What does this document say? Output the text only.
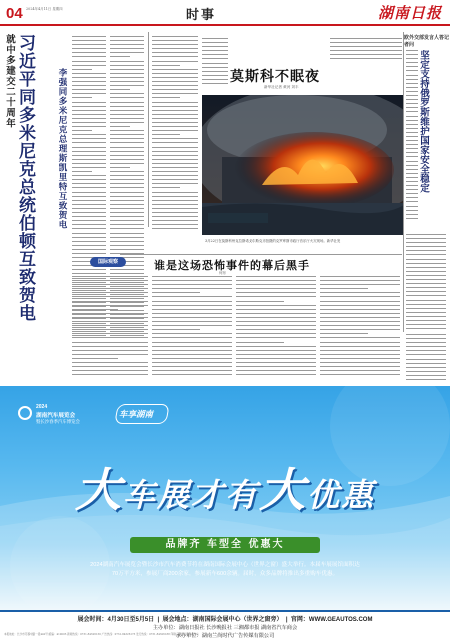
04 2024年4月11日 星期四	时事	湖南日报
就中多建交二十周年 习近平同多米尼克总统伯顿互致贺电	李强同多米尼克总理斯凯里特互致贺电	莫斯科不眠夜
新华社记者 黄河 刘丰
3月22日在莫斯科州克拉斯诺戈尔斯克市拍摄的克罗库斯市政厅音乐厅火灾现场。新华社发
坚定支持俄罗斯维护国家安全稳定
欧外交部发言人答记者问
国际观察	谁是这场恐怖事件的幕后黑手
何东
2024
湖南汽车展览会
暨长沙春季汽车博览会
车享湖南
大车展才有大优惠
品牌齐 车型全 优惠大
2024湖南汽车展览会暨长沙市汽车消费节将在湖南国际会展中心（世界之窗）盛大举行。本届车展展馆面积达70万平方米，参展厂商200余家，参展新车600余辆。届时，众多品牌将推出多重购车优惠。
展会时间：4月30日至5月5日  |  展会地点：湖南国际会展中心（世界之窗旁）  |  官网：WWW.GEAUTOS.COM
主办单位：湖南日报社 长沙晚报社 三湘都市报 湖南省汽车商会
承办单位：湖南兰尚时代广告传媒有限公司
本报地址：长沙市芙蓉中路一段442号 邮编：410005 新闻热线：0731-84326130 广告热线：0731-84326173 发行热线：0731-84326188 印刷：湖南日报印务中心
